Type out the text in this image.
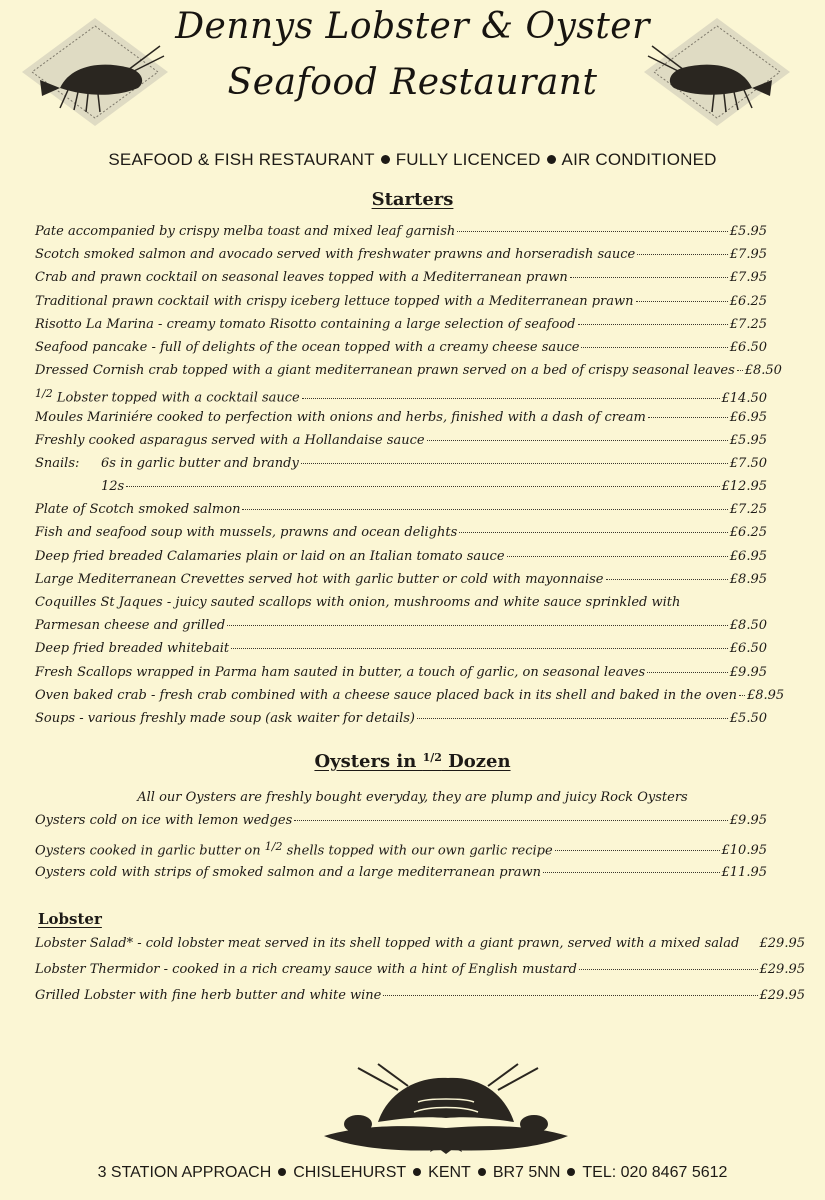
Dennys Lobster & Oyster
Seafood Restaurant
SEAFOOD & FISH RESTAURANT FULLY LICENCED AIR CONDITIONED
Starters
Pate accompanied by crispy melba toast and mixed leaf garnish	£5.95
Scotch smoked salmon and avocado served with freshwater prawns and horseradish sauce	£7.95
Crab and prawn cocktail on seasonal leaves topped with a Mediterranean prawn	£7.95
Traditional prawn cocktail with crispy iceberg lettuce topped with a Mediterranean prawn	£6.25
Risotto La Marina - creamy tomato Risotto containing a large selection of seafood	£7.25
Seafood pancake - full of delights of the ocean topped with a creamy cheese sauce	£6.50
Dressed Cornish crab topped with a giant mediterranean prawn served on a bed of crispy seasonal leaves £8.50
$^{1/2}$ Lobster topped with a cocktail sauce	£14.50
Moules Mariniére cooked to perfection with onions and herbs, finished with a dash of cream	£6.95
Freshly cooked asparagus served with a Hollandaise sauce	£5.95
Snails: 6s in garlic butter and brandy	£7.50
12s	£12.95
Plate of Scotch smoked salmon	£7.25
Fish and seafood soup with mussels, prawns and ocean delights	£6.25
Deep fried breaded Calamaries plain or laid on an Italian tomato sauce	£6.95
Large Mediterranean Crevettes served hot with garlic butter or cold with mayonnaise	£8.95
Coquilles St Jaques - juicy sauted scallops with onion, mushrooms and white sauce sprinkled with
Parmesan cheese and grilled	£8.50
Deep fried breaded whitebait	£6.50
Fresh Scallops wrapped in Parma ham sauted in butter, a touch of garlic, on seasonal leaves	£9.95
Oven baked crab - fresh crab combined with a cheese sauce placed back in its shell and baked in the oven £8.95
Soups - various freshly made soup (ask waiter for details)	£5.50
Oysters in $^{1/2}$ Dozen
All our Oysters are freshly bought everyday, they are plump and juicy Rock Oysters
Oysters cold on ice with lemon wedges	£9.95
Oysters cooked in garlic butter on $^{1/2}$ shells topped with our own garlic recipe	£10.95
Oysters cold with strips of smoked salmon and a large mediterranean prawn	£11.95
Lobster
Lobster Salad* - cold lobster meat served in its shell topped with a giant prawn, served with a mixed salad £29.95
Lobster Thermidor - cooked in a rich creamy sauce with a hint of English mustard	£29.95
Grilled Lobster with fine herb butter and white wine	£29.95
3 STATION APPROACH CHISLEHURST KENT BR7 5NN TEL: 020 8467 5612
